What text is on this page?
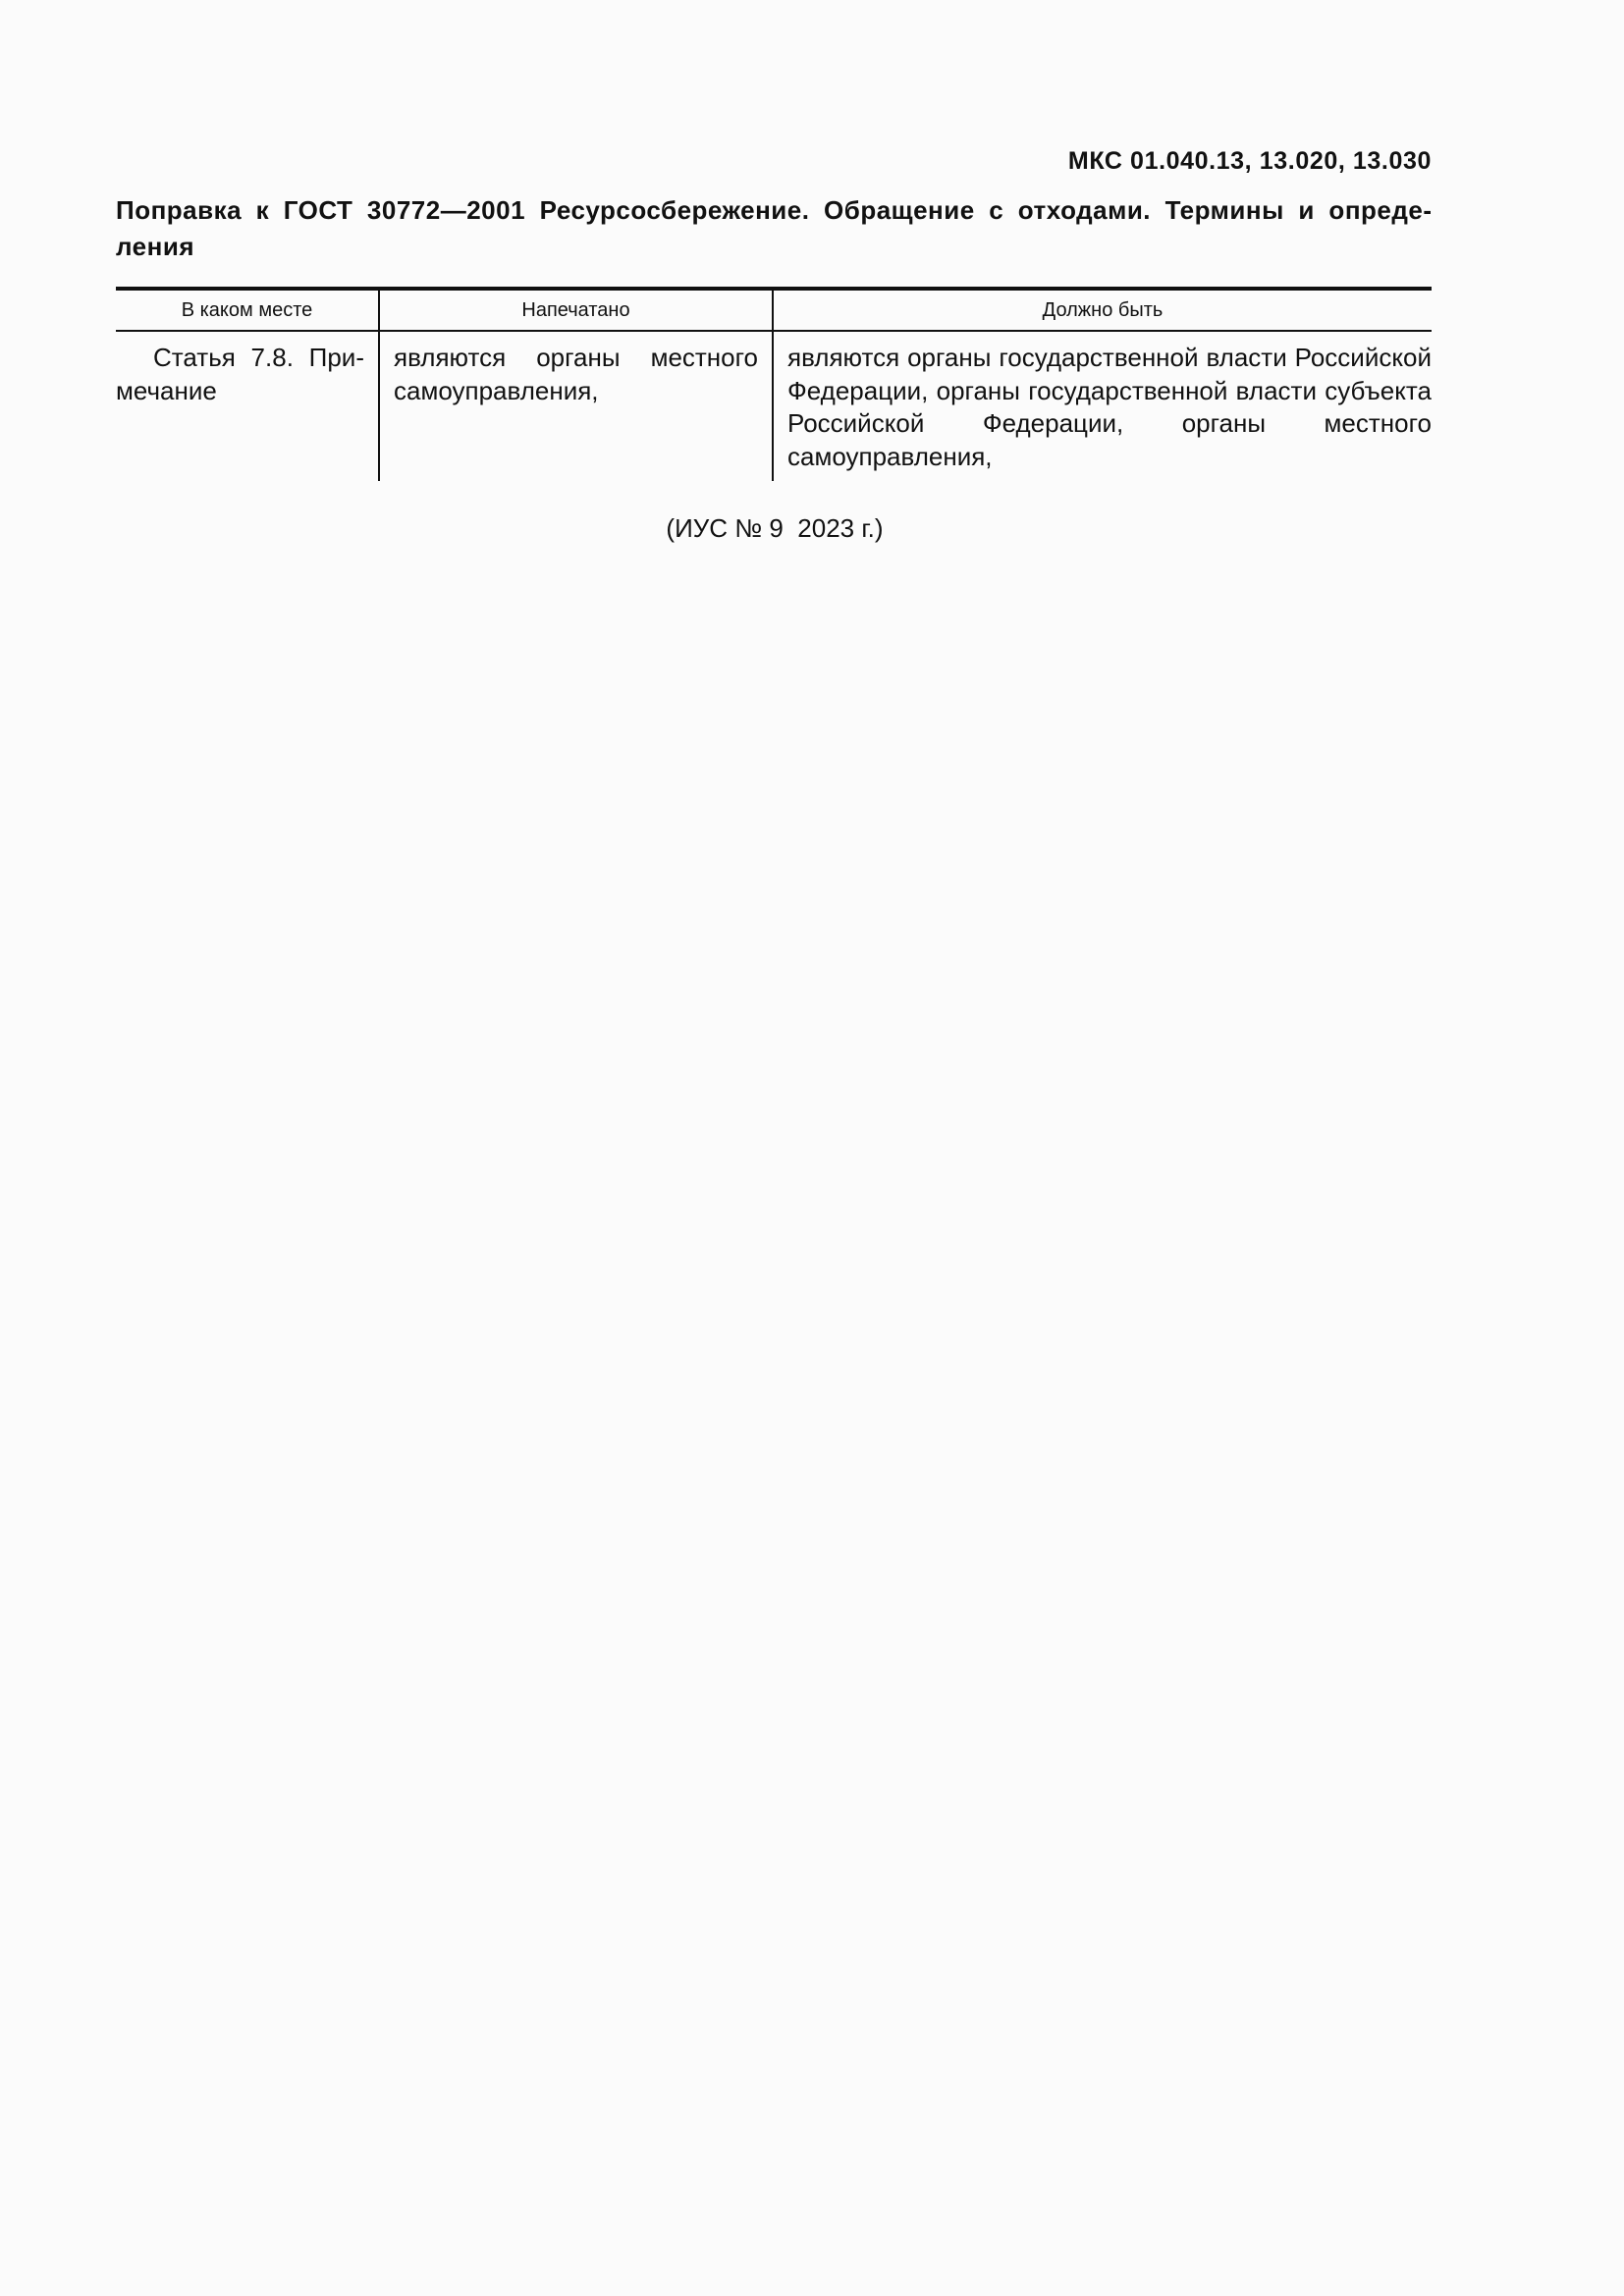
МКС 01.040.13, 13.020, 13.030
Поправка к ГОСТ 30772—2001 Ресурсосбережение. Обращение с отходами. Термины и определения
В каком месте	Напечатано	Должно быть
Статья 7.8. Примечание	являются органы местного самоуправления,	являются органы государственной власти Российской Федерации, органы государственной власти субъекта Российской Федерации, органы местного самоуправления,
(ИУС № 9  2023 г.)
